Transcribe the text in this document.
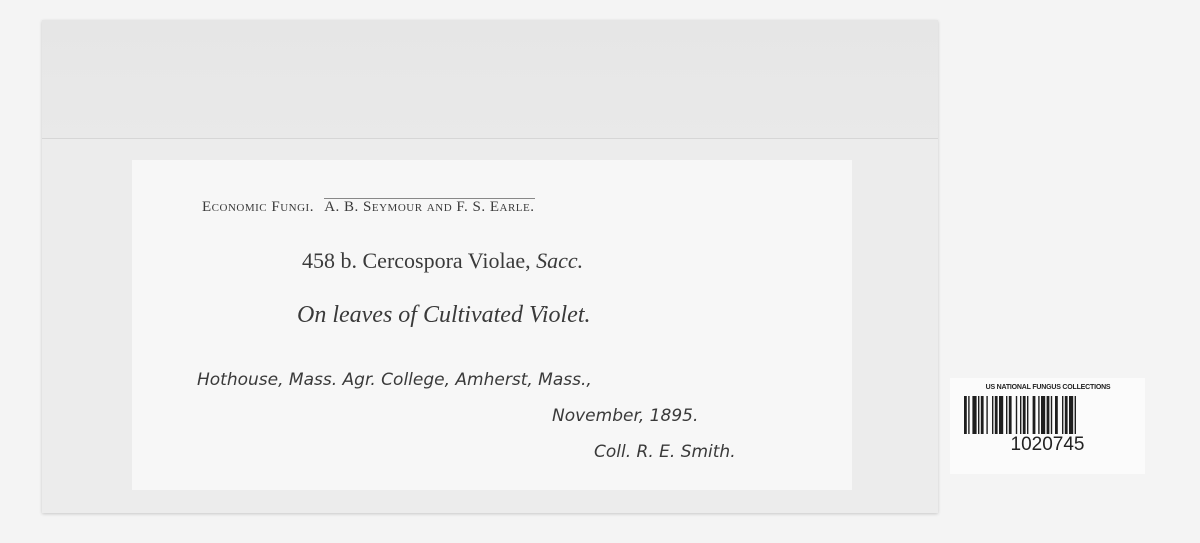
Economic Fungi. A. B. Seymour and F. S. Earle.
458 b. Cercospora Violae, Sacc.
On leaves of Cultivated Violet.
Hothouse, Mass. Agr. College, Amherst, Mass.,
November, 1895.
Coll. R. E. Smith.
US NATIONAL FUNGUS COLLECTIONS
1020745
